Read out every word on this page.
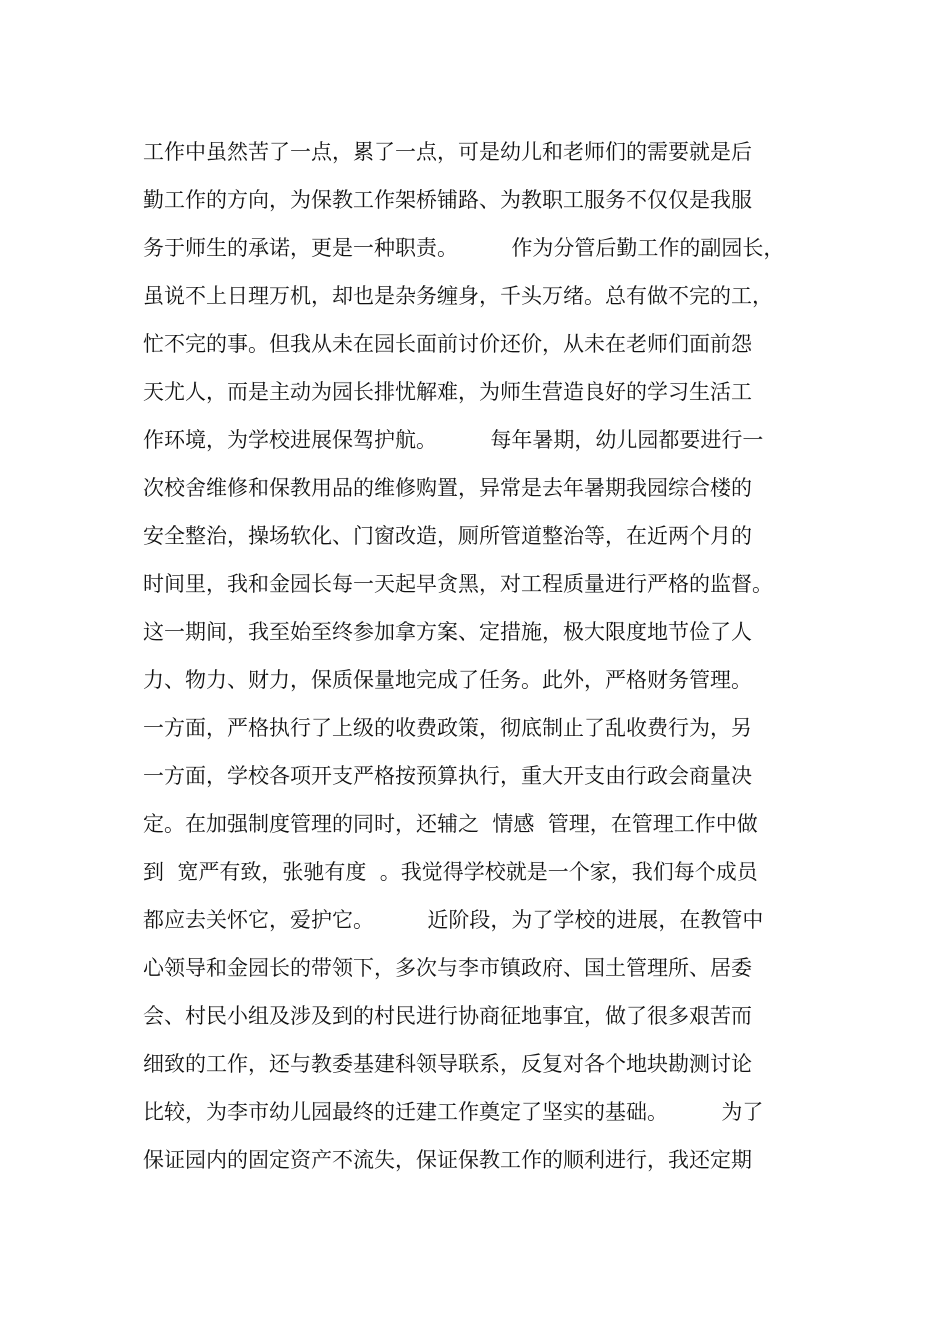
工作中虽然苦了一点，累了一点，可是幼儿和老师们的需要就是后
勤工作的方向，为保教工作架桥铺路、为教职工服务不仅仅是我服
务于师生的承诺，更是一种职责。        作为分管后勤工作的副园长，
虽说不上日理万机，却也是杂务缠身，千头万绪。总有做不完的工，
忙不完的事。但我从未在园长面前讨价还价，从未在老师们面前怨
天尤人，而是主动为园长排忧解难，为师生营造良好的学习生活工
作环境，为学校进展保驾护航。        每年暑期，幼儿园都要进行一
次校舍维修和保教用品的维修购置，异常是去年暑期我园综合楼的
安全整治，操场软化、门窗改造，厕所管道整治等，在近两个月的
时间里，我和金园长每一天起早贪黑，对工程质量进行严格的监督。
这一期间，我至始至终参加拿方案、定措施，极大限度地节俭了人
力、物力、财力，保质保量地完成了任务。此外，严格财务管理。
一方面，严格执行了上级的收费政策，彻底制止了乱收费行为，另
一方面，学校各项开支严格按预算执行，重大开支由行政会商量决
定。在加强制度管理的同时，还辅之  情感  管理，在管理工作中做
到  宽严有致，张驰有度  。我觉得学校就是一个家，我们每个成员
都应去关怀它，爱护它。        近阶段，为了学校的进展，在教管中
心领导和金园长的带领下，多次与李市镇政府、国土管理所、居委
会、村民小组及涉及到的村民进行协商征地事宜，做了很多艰苦而
细致的工作，还与教委基建科领导联系，反复对各个地块勘测讨论
比较，为李市幼儿园最终的迁建工作奠定了坚实的基础。        为了
保证园内的固定资产不流失，保证保教工作的顺利进行，我还定期
